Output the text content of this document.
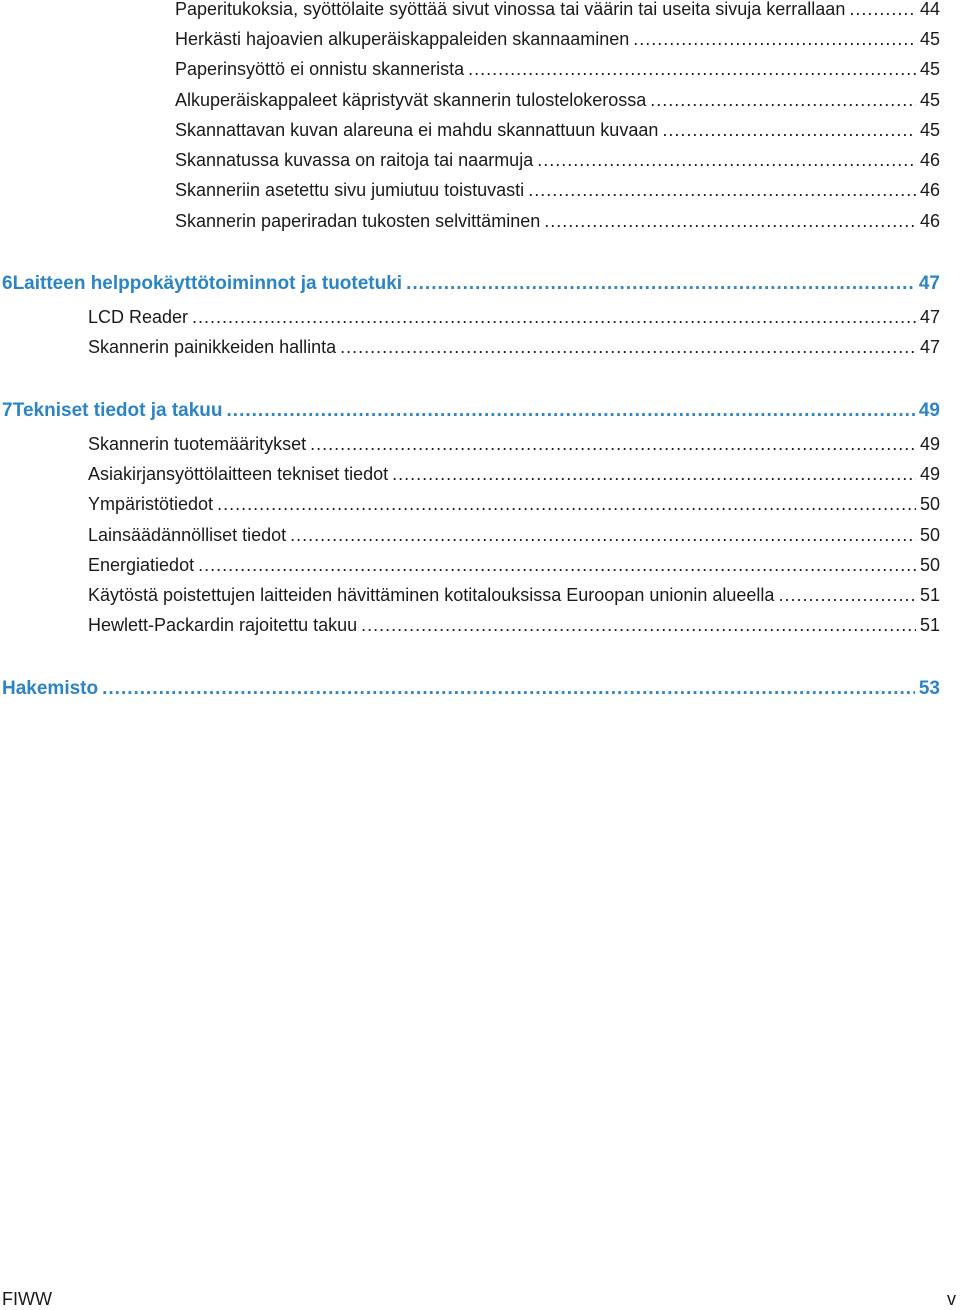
Paperitukoksia, syöttölaite syöttää sivut vinossa tai väärin tai useita sivuja kerrallaan .....	44
Herkästi hajoavien alkuperäiskappaleiden skannaaminen .....	45
Paperinsyöttö ei onnistu skannerista .....	45
Alkuperäiskappaleet käpristyvät skannerin tulostelokerossa .....	45
Skannattavan kuvan alareuna ei mahdu skannattuun kuvaan .....	45
Skannatussa kuvassa on raitoja tai naarmuja .....	46
Skanneriin asetettu sivu jumiutuu toistuvasti .....	46
Skannerin paperiradan tukosten selvittäminen .....	46
6 Laitteen helppokäyttötoiminnot ja tuotetuki .....	47
LCD Reader .....	47
Skannerin painikkeiden hallinta .....	47
7 Tekniset tiedot ja takuu .....	49
Skannerin tuotemääritykset .....	49
Asiakirjansyöttölaitteen tekniset tiedot .....	49
Ympäristötiedot .....	50
Lainsäädännölliset tiedot .....	50
Energiatiedot .....	50
Käytöstä poistettujen laitteiden hävittäminen kotitalouksissa Euroopan unionin alueella .....	51
Hewlett-Packardin rajoitettu takuu .....	51
Hakemisto .....	53
FIWW	v
